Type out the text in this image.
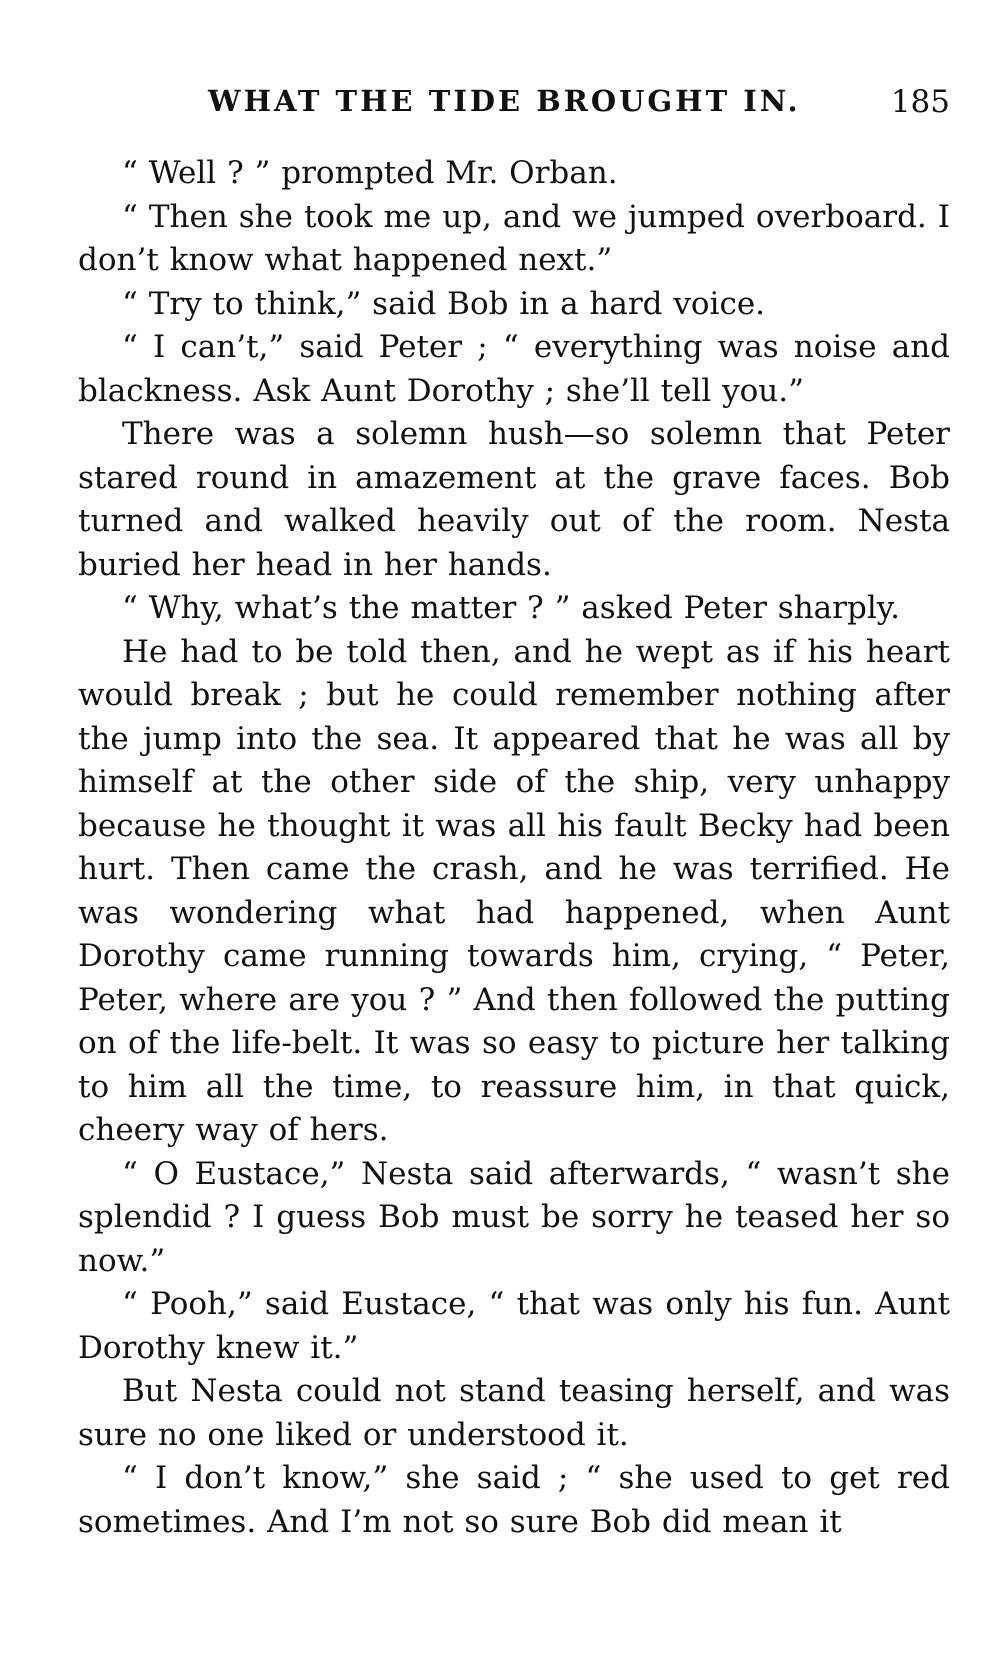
WHAT THE TIDE BROUGHT IN.	185

“ Well ? ” prompted Mr. Orban.

“ Then she took me up, and we jumped overboard. I don’t know what happened next.”

“ Try to think,” said Bob in a hard voice.

“ I can’t,” said Peter ; “ everything was noise and blackness. Ask Aunt Dorothy ; she’ll tell you.”

There was a solemn hush—so solemn that Peter stared round in amazement at the grave faces. Bob turned and walked heavily out of the room. Nesta buried her head in her hands.

“ Why, what’s the matter ? ” asked Peter sharply.

He had to be told then, and he wept as if his heart would break ; but he could remember nothing after the jump into the sea. It appeared that he was all by himself at the other side of the ship, very unhappy because he thought it was all his fault Becky had been hurt. Then came the crash, and he was terrified. He was wondering what had happened, when Aunt Dorothy came running towards him, crying, “ Peter, Peter, where are you ? ” And then followed the putting on of the life-belt. It was so easy to picture her talking to him all the time, to reassure him, in that quick, cheery way of hers.

“ O Eustace,” Nesta said afterwards, “ wasn’t she splendid ? I guess Bob must be sorry he teased her so now.”

“ Pooh,” said Eustace, “ that was only his fun. Aunt Dorothy knew it.”

But Nesta could not stand teasing herself, and was sure no one liked or understood it.

“ I don’t know,” she said ; “ she used to get red sometimes. And I’m not so sure Bob did mean it
